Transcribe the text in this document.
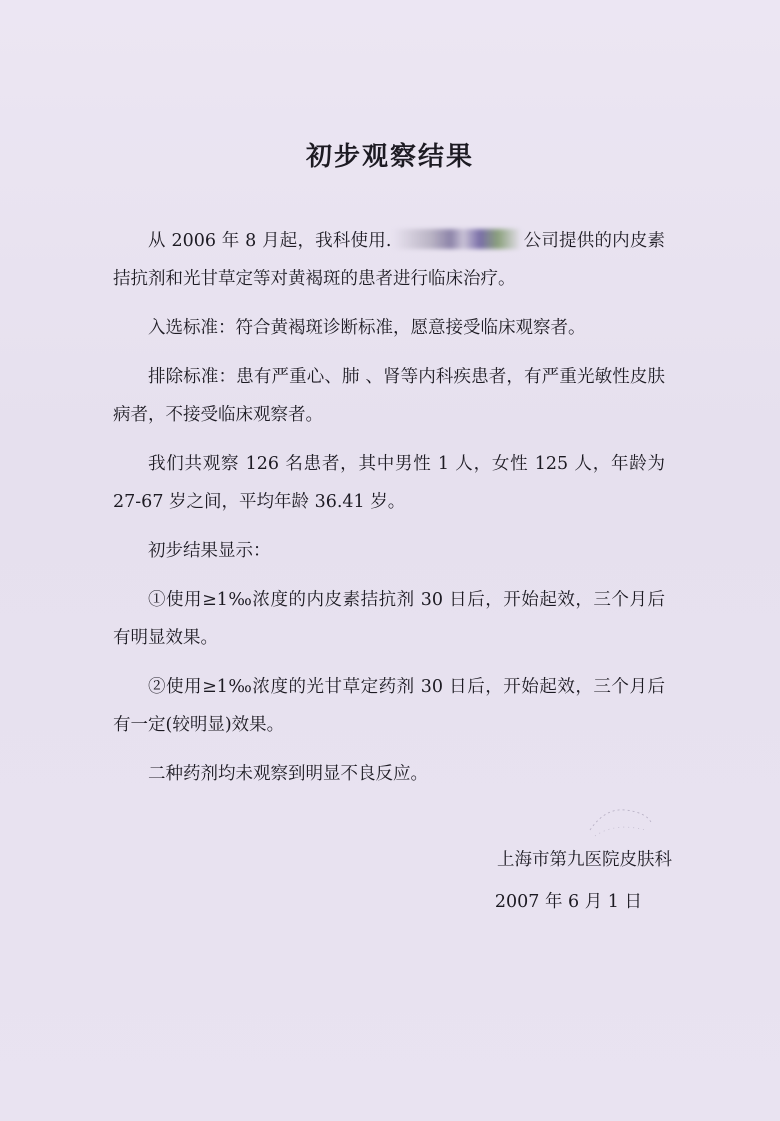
初步观察结果

从 2006 年 8 月起，我科使用.	公司提供的内皮素拮抗剂和光甘草定等对黄褐斑的患者进行临床治疗。

入选标准：符合黄褐斑诊断标准，愿意接受临床观察者。

排除标准：患有严重心、肺 、肾等内科疾患者，有严重光敏性皮肤病者，不接受临床观察者。

我们共观察 126 名患者，其中男性 1 人，女性 125 人，年龄为 27-67 岁之间，平均年龄 36.41 岁。

初步结果显示：

①使用≥1‰浓度的内皮素拮抗剂 30 日后，开始起效，三个月后有明显效果。

②使用≥1‰浓度的光甘草定药剂 30 日后，开始起效，三个月后有一定(较明显)效果。

二种药剂均未观察到明显不良反应。

上海市第九医院皮肤科
2007 年 6 月 1 日
